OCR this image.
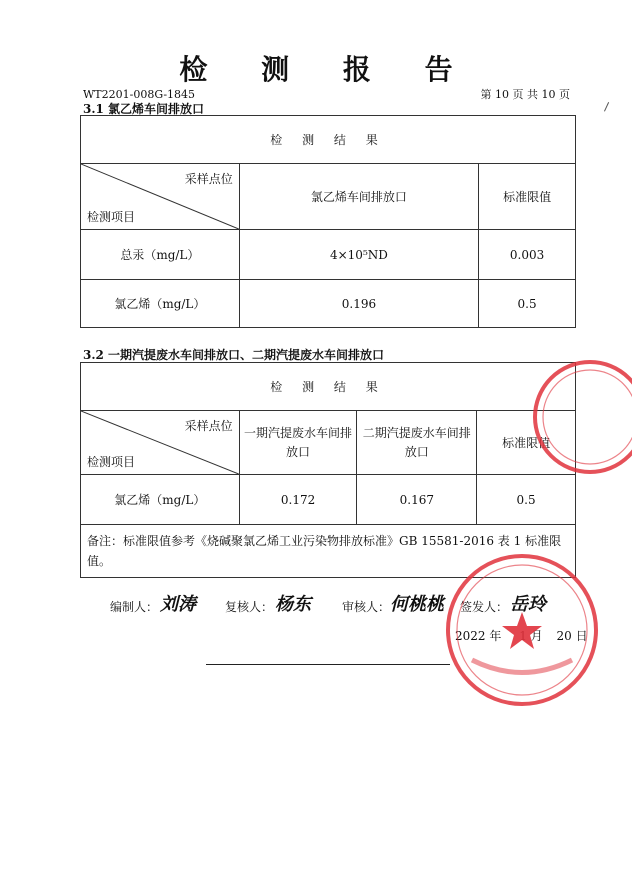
检 测 报 告
WT2201-008G-1845	第 10 页 共 10 页
3.1 氯乙烯车间排放口
检 测 结 果		

采样点位
检测项目	氯乙烯车间排放口	标准限值
总汞（mg/L）	4×10⁵ND	0.003
氯乙烯（mg/L）	0.196	0.5
3.2 一期汽提废水车间排放口、二期汽提废水车间排放口
检 测 结 果			

采样点位
检测项目	一期汽提废水车间排放口	二期汽提废水车间排放口	标准限值
氯乙烯（mg/L）	0.172	0.167	0.5
备注：标准限值参考《烧碱聚氯乙烯工业污染物排放标准》GB 15581-2016 表 1 标准限值。			
编制人： 刘涛 复核人： 杨东	审核人： 何桃桃 签发人： 岳玲
2022 年 月 20 日
